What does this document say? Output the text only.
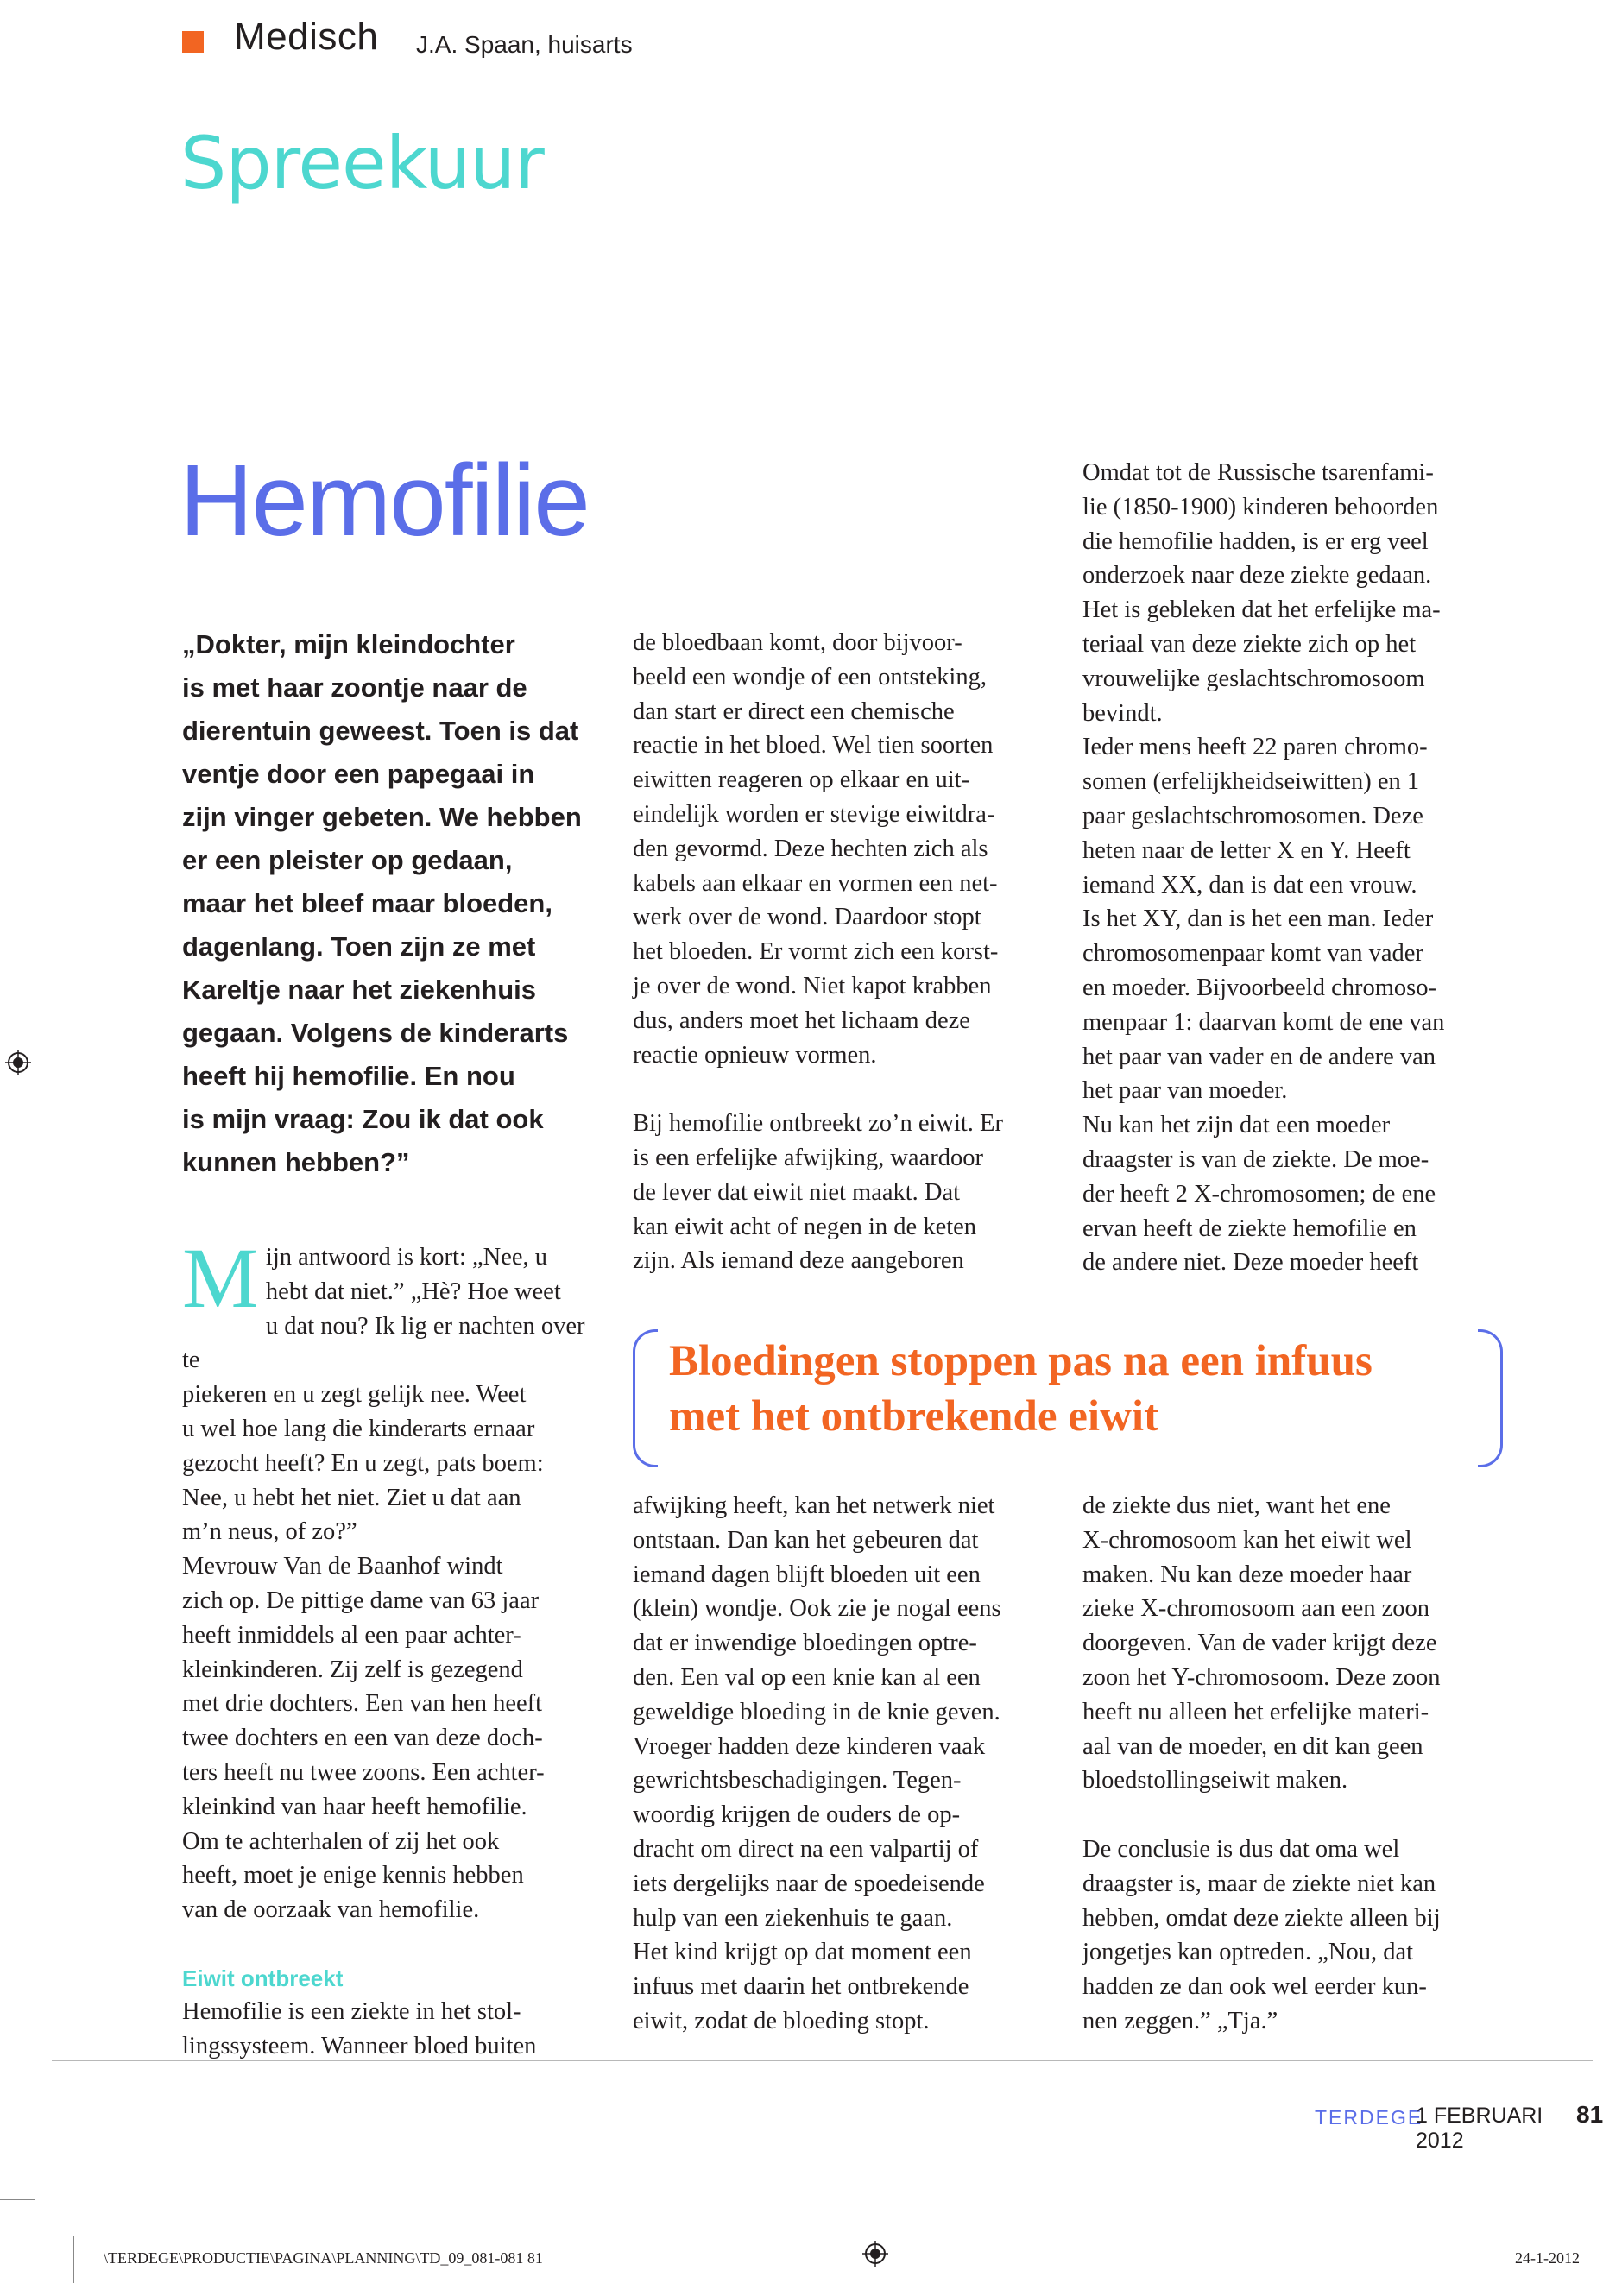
Medisch J.A. Spaan, huisarts
Spreekuur
Hemofilie

„Dokter, mijn kleindochter

is met haar zoontje naar de

dierentuin geweest. Toen is dat

ventje door een papegaai in

zijn vinger gebeten. We hebben

er een pleister op gedaan,

maar het bleef maar bloeden,

dagenlang. Toen zijn ze met

Kareltje naar het ziekenhuis

gegaan. Volgens de kinderarts

heeft hij hemofilie. En nou

is mijn vraag: Zou ik dat ook

kunnen hebben?”

M ijn antwoord is kort: „Nee, u

hebt dat niet.” „Hè? Hoe weet

u dat nou? Ik lig er nachten over te

piekeren en u zegt gelijk nee. Weet

u wel hoe lang die kinderarts ernaar

gezocht heeft? En u zegt, pats boem:

Nee, u hebt het niet. Ziet u dat aan

m’n neus, of zo?”

Mevrouw Van de Baanhof windt

zich op. De pittige dame van 63 jaar

heeft inmiddels al een paar achter-

kleinkinderen. Zij zelf is gezegend

met drie dochters. Een van hen heeft

twee dochters en een van deze doch-

ters heeft nu twee zoons. Een achter-

kleinkind van haar heeft hemofilie.

Om te achterhalen of zij het ook

heeft, moet je enige kennis hebben

van de oorzaak van hemofilie.

Eiwit ontbreekt

Hemofilie is een ziekte in het stol-

lingssysteem. Wanneer bloed buiten

de bloedbaan komt, door bijvoor-

beeld een wondje of een ontsteking,

dan start er direct een chemische

reactie in het bloed. Wel tien soorten

eiwitten reageren op elkaar en uit-

eindelijk worden er stevige eiwitdra-

den gevormd. Deze hechten zich als

kabels aan elkaar en vormen een net-

werk over de wond. Daardoor stopt

het bloeden. Er vormt zich een korst-

je over de wond. Niet kapot krabben

dus, anders moet het lichaam deze

reactie opnieuw vormen.

Bij hemofilie ontbreekt zo’n eiwit. Er

is een erfelijke afwijking, waardoor

de lever dat eiwit niet maakt. Dat

kan eiwit acht of negen in de keten

zijn. Als iemand deze aangeboren

Omdat tot de Russische tsarenfami-

lie (1850-1900) kinderen behoorden

die hemofilie hadden, is er erg veel

onderzoek naar deze ziekte gedaan.

Het is gebleken dat het erfelijke ma-

teriaal van deze ziekte zich op het

vrouwelijke geslachtschromosoom

bevindt.

Ieder mens heeft 22 paren chromo-

somen (erfelijkheidseiwitten) en 1

paar geslachtschromosomen. Deze

heten naar de letter X en Y. Heeft

iemand XX, dan is dat een vrouw.

Is het XY, dan is het een man. Ieder

chromosomenpaar komt van vader

en moeder. Bijvoorbeeld chromoso-

menpaar 1: daarvan komt de ene van

het paar van vader en de andere van

het paar van moeder.

Nu kan het zijn dat een moeder

draagster is van de ziekte. De moe-

der heeft 2 X-chromosomen; de ene

ervan heeft de ziekte hemofilie en

de andere niet. Deze moeder heeft

Bloedingen stoppen pas na een infuus
met het ontbrekende eiwit

afwijking heeft, kan het netwerk niet

ontstaan. Dan kan het gebeuren dat

iemand dagen blijft bloeden uit een

(klein) wondje. Ook zie je nogal eens

dat er inwendige bloedingen optre-

den. Een val op een knie kan al een

geweldige bloeding in de knie geven.

Vroeger hadden deze kinderen vaak

gewrichtsbeschadigingen. Tegen-

woordig krijgen de ouders de op-

dracht om direct na een valpartij of

iets dergelijks naar de spoedeisende

hulp van een ziekenhuis te gaan.

Het kind krijgt op dat moment een

infuus met daarin het ontbrekende

eiwit, zodat de bloeding stopt.

de ziekte dus niet, want het ene

X-chromosoom kan het eiwit wel

maken. Nu kan deze moeder haar

zieke X-chromosoom aan een zoon

doorgeven. Van de vader krijgt deze

zoon het Y-chromosoom. Deze zoon

heeft nu alleen het erfelijke materi-

aal van de moeder, en dit kan geen

bloedstollingseiwit maken.

De conclusie is dus dat oma wel

draagster is, maar de ziekte niet kan

hebben, omdat deze ziekte alleen bij

jongetjes kan optreden. „Nou, dat

hadden ze dan ook wel eerder kun-

nen zeggen.” „Tja.”

TERDEGE
1 FEBRUARI 2012
81
\TERDEGE\PRODUCTIE\PAGINA\PLANNING\TD_09_081-081 81	24-1-2012
